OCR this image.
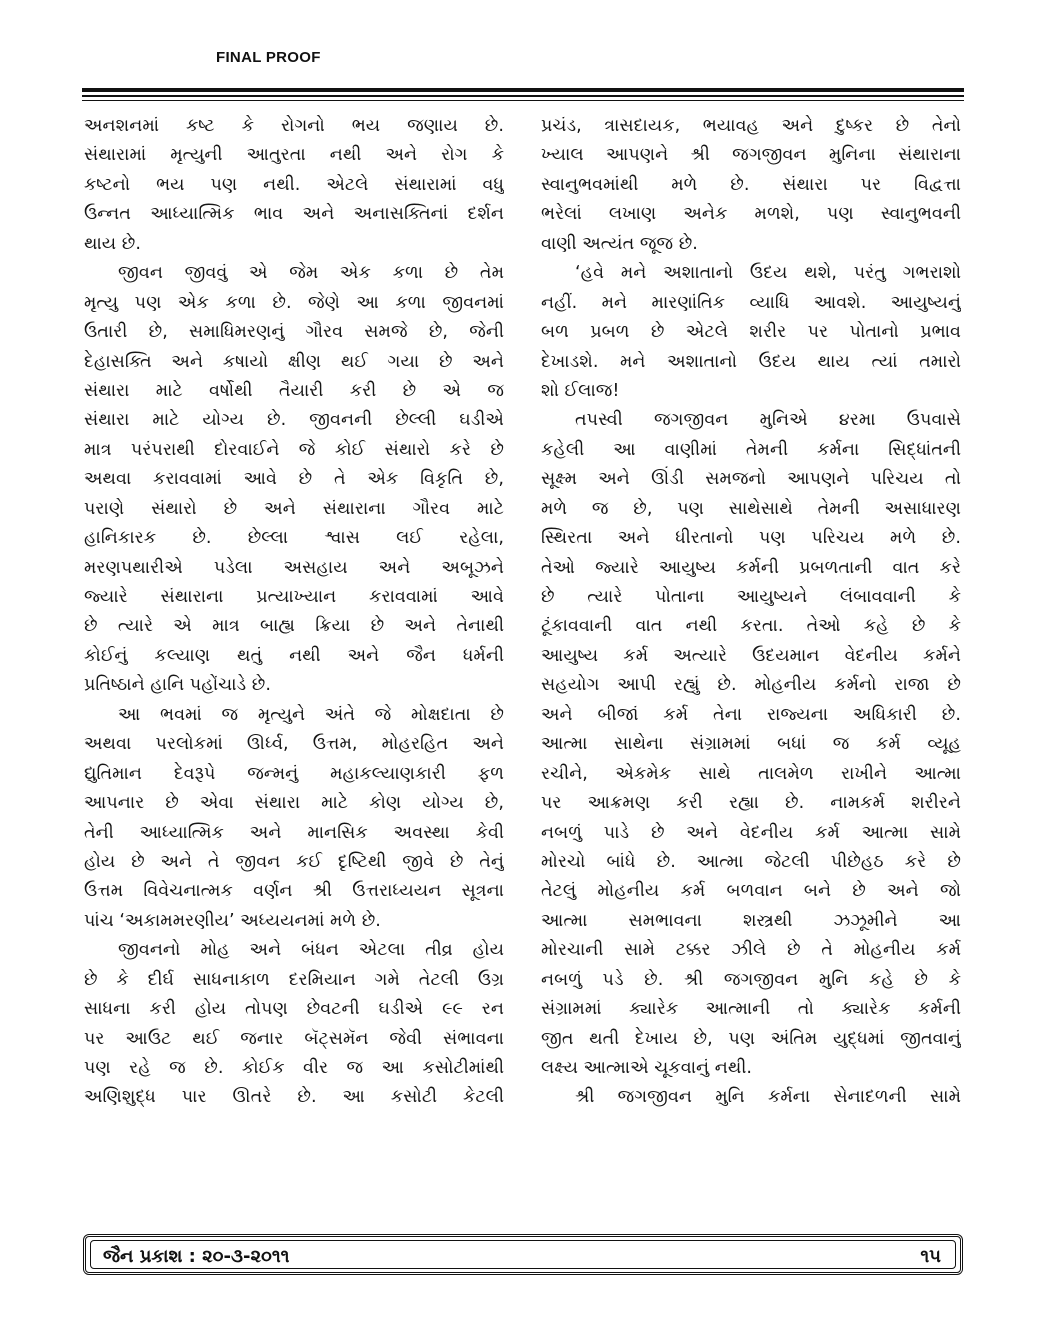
FINAL PROOF
અનશનમાં કષ્ટ કે રોગનો ભય જણાય છે.
સંથારામાં મૃત્યુની આતુરતા નથી અને રોગ કે
કષ્ટનો ભય પણ નથી. એટલે સંથારામાં વધુ
ઉન્નત આધ્યાત્મિક ભાવ અને અનાસક્તિનાં દર્શન
થાય છે.
જીવન જીવવું એ જેમ એક કળા છે તેમ
મૃત્યુ પણ એક કળા છે. જેણે આ કળા જીવનમાં
ઉતારી છે, સમાધિમરણનું ગૌરવ સમજે છે, જેની
દેહાસક્તિ અને કષાયો ક્ષીણ થઈ ગયા છે અને
સંથારા માટે વર્ષોથી તૈયારી કરી છે એ જ
સંથારા માટે યોગ્ય છે. જીવનની છેલ્લી ઘડીએ
માત્ર પરંપરાથી દોરવાઈને જે કોઈ સંથારો કરે છે
અથવા કરાવવામાં આવે છે તે એક વિકૃતિ છે,
પરાણે સંથારો છે અને સંથારાના ગૌરવ માટે
હાનિકારક છે. છેલ્લા શ્વાસ લઈ રહેલા,
મરણપથારીએ પડેલા અસહાય અને અબૂઝને
જ્યારે સંથારાના પ્રત્યાખ્યાન કરાવવામાં આવે
છે ત્યારે એ માત્ર બાહ્ય ક્રિયા છે અને તેનાથી
કોઈનું કલ્યાણ થતું નથી અને જૈન ધર્મની
પ્રતિષ્ઠાને હાનિ પહોંચાડે છે.
આ ભવમાં જ મૃત્યુને અંતે જે મોક્ષદાતા છે
અથવા પરલોકમાં ઊર્ધ્વ, ઉત્તમ, મોહરહિત અને
દ્યુતિમાન દેવરૂપે જન્મનું મહાકલ્યાણકારી ફળ
આપનાર છે એવા સંથારા માટે કોણ યોગ્ય છે,
તેની આધ્યાત્મિક અને માનસિક અવસ્થા કેવી
હોય છે અને તે જીવન કઈ દૃષ્ટિથી જીવે છે તેનું
ઉત્તમ વિવેચનાત્મક વર્ણન શ્રી ઉત્તરાધ્યયન સૂત્રના
પાંચ ‘અકામમરણીય’ અધ્યયનમાં મળે છે.
જીવનનો મોહ અને બંધન એટલા તીવ્ર હોય
છે કે દીર્ઘ સાધનાકાળ દરમિયાન ગમે તેટલી ઉગ્ર
સાધના કરી હોય તોપણ છેવટની ઘડીએ ૯૯ રન
પર આઉટ થઈ જનાર બૅટ્સમૅન જેવી સંભાવના
પણ રહે જ છે. કોઈક વીર જ આ કસોટીમાંથી
અણિશુદ્ધ પાર ઊતરે છે. આ કસોટી કેટલી
પ્રચંડ, ત્રાસદાયક, ભયાવહ અને દુષ્કર છે તેનો
ખ્યાલ આપણને શ્રી જગજીવન મુનિના સંથારાના
સ્વાનુભવમાંથી મળે છે. સંથારા પર વિદ્વત્તા
ભરેલાં લખાણ અનેક મળશે, પણ સ્વાનુભવની
વાણી અત્યંત જૂજ છે.
‘હવે મને અશાતાનો ઉદય થશે, પરંતુ ગભરાશો
નહીં. મને મારણાંતિક વ્યાધિ આવશે. આયુષ્યનું
બળ પ્રબળ છે એટલે શરીર પર પોતાનો પ્રભાવ
દેખાડશે. મને અશાતાનો ઉદય થાય ત્યાં તમારો
શો ઈલાજ!
તપસ્વી જગજીવન મુનિએ ૪રમા ઉપવાસે
કહેલી આ વાણીમાં તેમની કર્મના સિદ્ધાંતની
સૂક્ષ્મ અને ઊંડી સમજનો આપણને પરિચય તો
મળે જ છે, પણ સાથેસાથે તેમની અસાધારણ
સ્થિરતા અને ધીરતાનો પણ પરિચય મળે છે.
તેઓ જ્યારે આયુષ્ય કર્મની પ્રબળતાની વાત કરે
છે ત્યારે પોતાના આયુષ્યને લંબાવવાની કે
ટૂંકાવવાની વાત નથી કરતા. તેઓ કહે છે કે
આયુષ્ય કર્મ અત્યારે ઉદયમાન વેદનીય કર્મને
સહયોગ આપી રહ્યું છે. મોહનીય કર્મનો રાજા છે
અને બીજાં કર્મ તેના રાજ્યના અધિકારી છે.
આત્મા સાથેના સંગ્રામમાં બધાં જ કર્મ વ્યૂહ
રચીને, એકમેક સાથે તાલમેળ રાખીને આત્મા
પર આક્રમણ કરી રહ્યા છે. નામકર્મ શરીરને
નબળું પાડે છે અને વેદનીય કર્મ આત્મા સામે
મોરચો બાંધે છે. આત્મા જેટલી પીછેહઠ કરે છે
તેટલું મોહનીય કર્મ બળવાન બને છે અને જો
આત્મા સમભાવના શસ્ત્રથી ઝઝૂમીને આ
મોરચાની સામે ટક્કર ઝીલે છે તે મોહનીય કર્મ
નબળું પડે છે. શ્રી જગજીવન મુનિ કહે છે કે
સંગ્રામમાં ક્યારેક આત્માની તો ક્યારેક કર્મની
જીત થતી દેખાય છે, પણ અંતિમ યુદ્ધમાં જીતવાનું
લક્ષ્ય આત્માએ ચૂકવાનું નથી.
શ્રી જગજીવન મુનિ કર્મના સેનાદળની સામે
જૈન પ્રકાશ : ૨૦-૩-૨૦૧૧	૧૫
